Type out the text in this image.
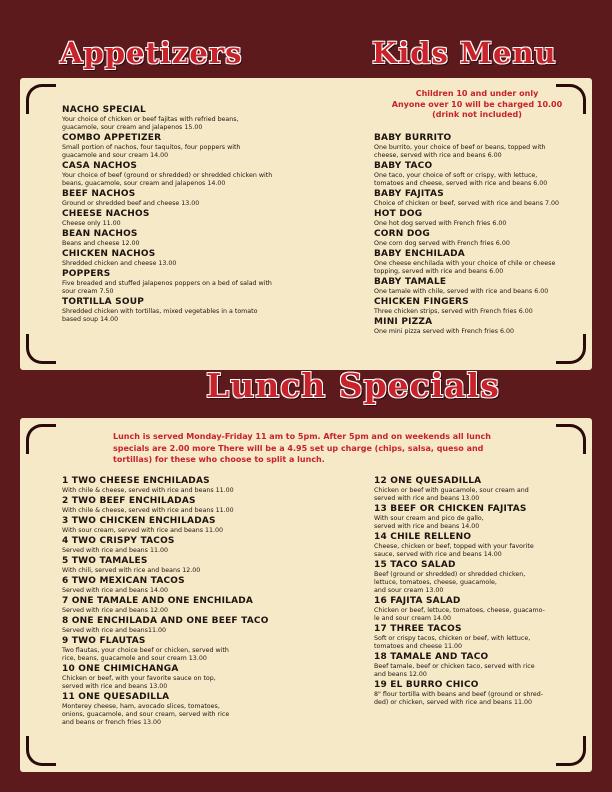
Appetizers	Kids Menu
Lunch Specials
Children 10 and under only
Anyone over 10 will be charged 10.00
(drink not included)
Lunch is served Monday-Friday 11 am to 5pm. After 5pm and on weekends all lunch specials are 2.00 more There will be a 4.95 set up charge (chips, salsa, queso and tortillas) for these who choose to split a lunch.
NACHO SPECIAL
Your choice of chicken or beef fajitas with refried beans,
guacamole, sour cream and jalapenos 15.00
COMBO APPETIZER
Small portion of nachos, four taquitos, four poppers with
guacamole and sour cream 14.00
CASA NACHOS
Your choice of beef (ground or shredded) or shredded chicken with
beans, guacamole, sour cream and jalapenos 14.00
BEEF NACHOS
Ground or shredded beef and cheese 13.00
CHEESE NACHOS
Cheese only 11.00
BEAN NACHOS
Beans and cheese 12.00
CHICKEN NACHOS
Shredded chicken and cheese 13.00
POPPERS
Five breaded and stuffed jalapenos poppers on a bed of salad with
sour cream 7.50
TORTILLA SOUP
Shredded chicken with tortillas, mixed vegetables in a tomato
based soup 14.00
BABY BURRITO
One burrito, your choice of beef or beans, topped with
cheese, served with rice and beans 6.00
BABY TACO
One taco, your choice of soft or crispy, with lettuce,
tomatoes and cheese, served with rice and beans 6.00
BABY FAJITAS
Choice of chicken or beef, served with rice and beans 7.00
HOT DOG
One hot dog served with French fries 6.00
CORN DOG
One corn dog served with French fries 6.00
BABY ENCHILADA
One cheese enchilada with your choice of chile or cheese
topping, served with rice and beans 6.00
BABY TAMALE
One tamale with chile, served with rice and beans 6.00
CHICKEN FINGERS
Three chicken strips, served with French fries 6.00
MINI PIZZA
One mini pizza served with French fries 6.00
1 TWO CHEESE ENCHILADAS
With chile & cheese, served with rice and beans 11.00
2 TWO BEEF ENCHILADAS
With chile & cheese, served with rice and beans 11.00
3 TWO CHICKEN ENCHILADAS
With sour cream, served with rice and beans 11.00
4 TWO CRISPY TACOS
Served with rice and beans 11.00
5 TWO TAMALES
With chili, served with rice and beans 12.00
6 TWO MEXICAN TACOS
Served with rice and beans 14.00
7 ONE TAMALE AND ONE ENCHILADA
Served with rice and beans 12.00
8 ONE ENCHILADA AND ONE BEEF TACO
Served with rice and beans11.00
9 TWO FLAUTAS
Two flautas, your choice beef or chicken, served with
rice, beans, guacamole and sour cream 13.00
10 ONE CHIMICHANGA
Chicken or beef, with your favorite sauce on top,
served with rice and beans 13.00
11 ONE QUESADILLA
Monterey cheese, ham, avocado slices, tomatoes,
onions, guacamole, and sour cream, served with rice
and beans or french fries 13.00
12 ONE QUESADILLA
Chicken or beef with guacamole, sour cream and
served with rice and beans 13.00
13 BEEF OR CHICKEN FAJITAS
With sour cream and pico de gallo,
served with rice and beans 14.00
14 CHILE RELLENO
Cheese, chicken or beef, topped with your favorite
sauce, served with rice and beans 14.00
15 TACO SALAD
Beef (ground or shredded) or shredded chicken,
lettuce, tomatoes, cheese, guacamole,
and sour cream 13.00
16 FAJITA SALAD
Chicken or beef, lettuce, tomatoes, cheese, guacamo-
le and sour cream 14.00
17 THREE TACOS
Soft or crispy tacos, chicken or beef, with lettuce,
tomatoes and cheese 11.00
18 TAMALE AND TACO
Beef tamale, beef or chicken taco, served with rice
and beans 12.00
19 EL BURRO CHICO
8" flour tortilla with beans and beef (ground or shred-
ded) or chicken, served with rice and beans 11.00
